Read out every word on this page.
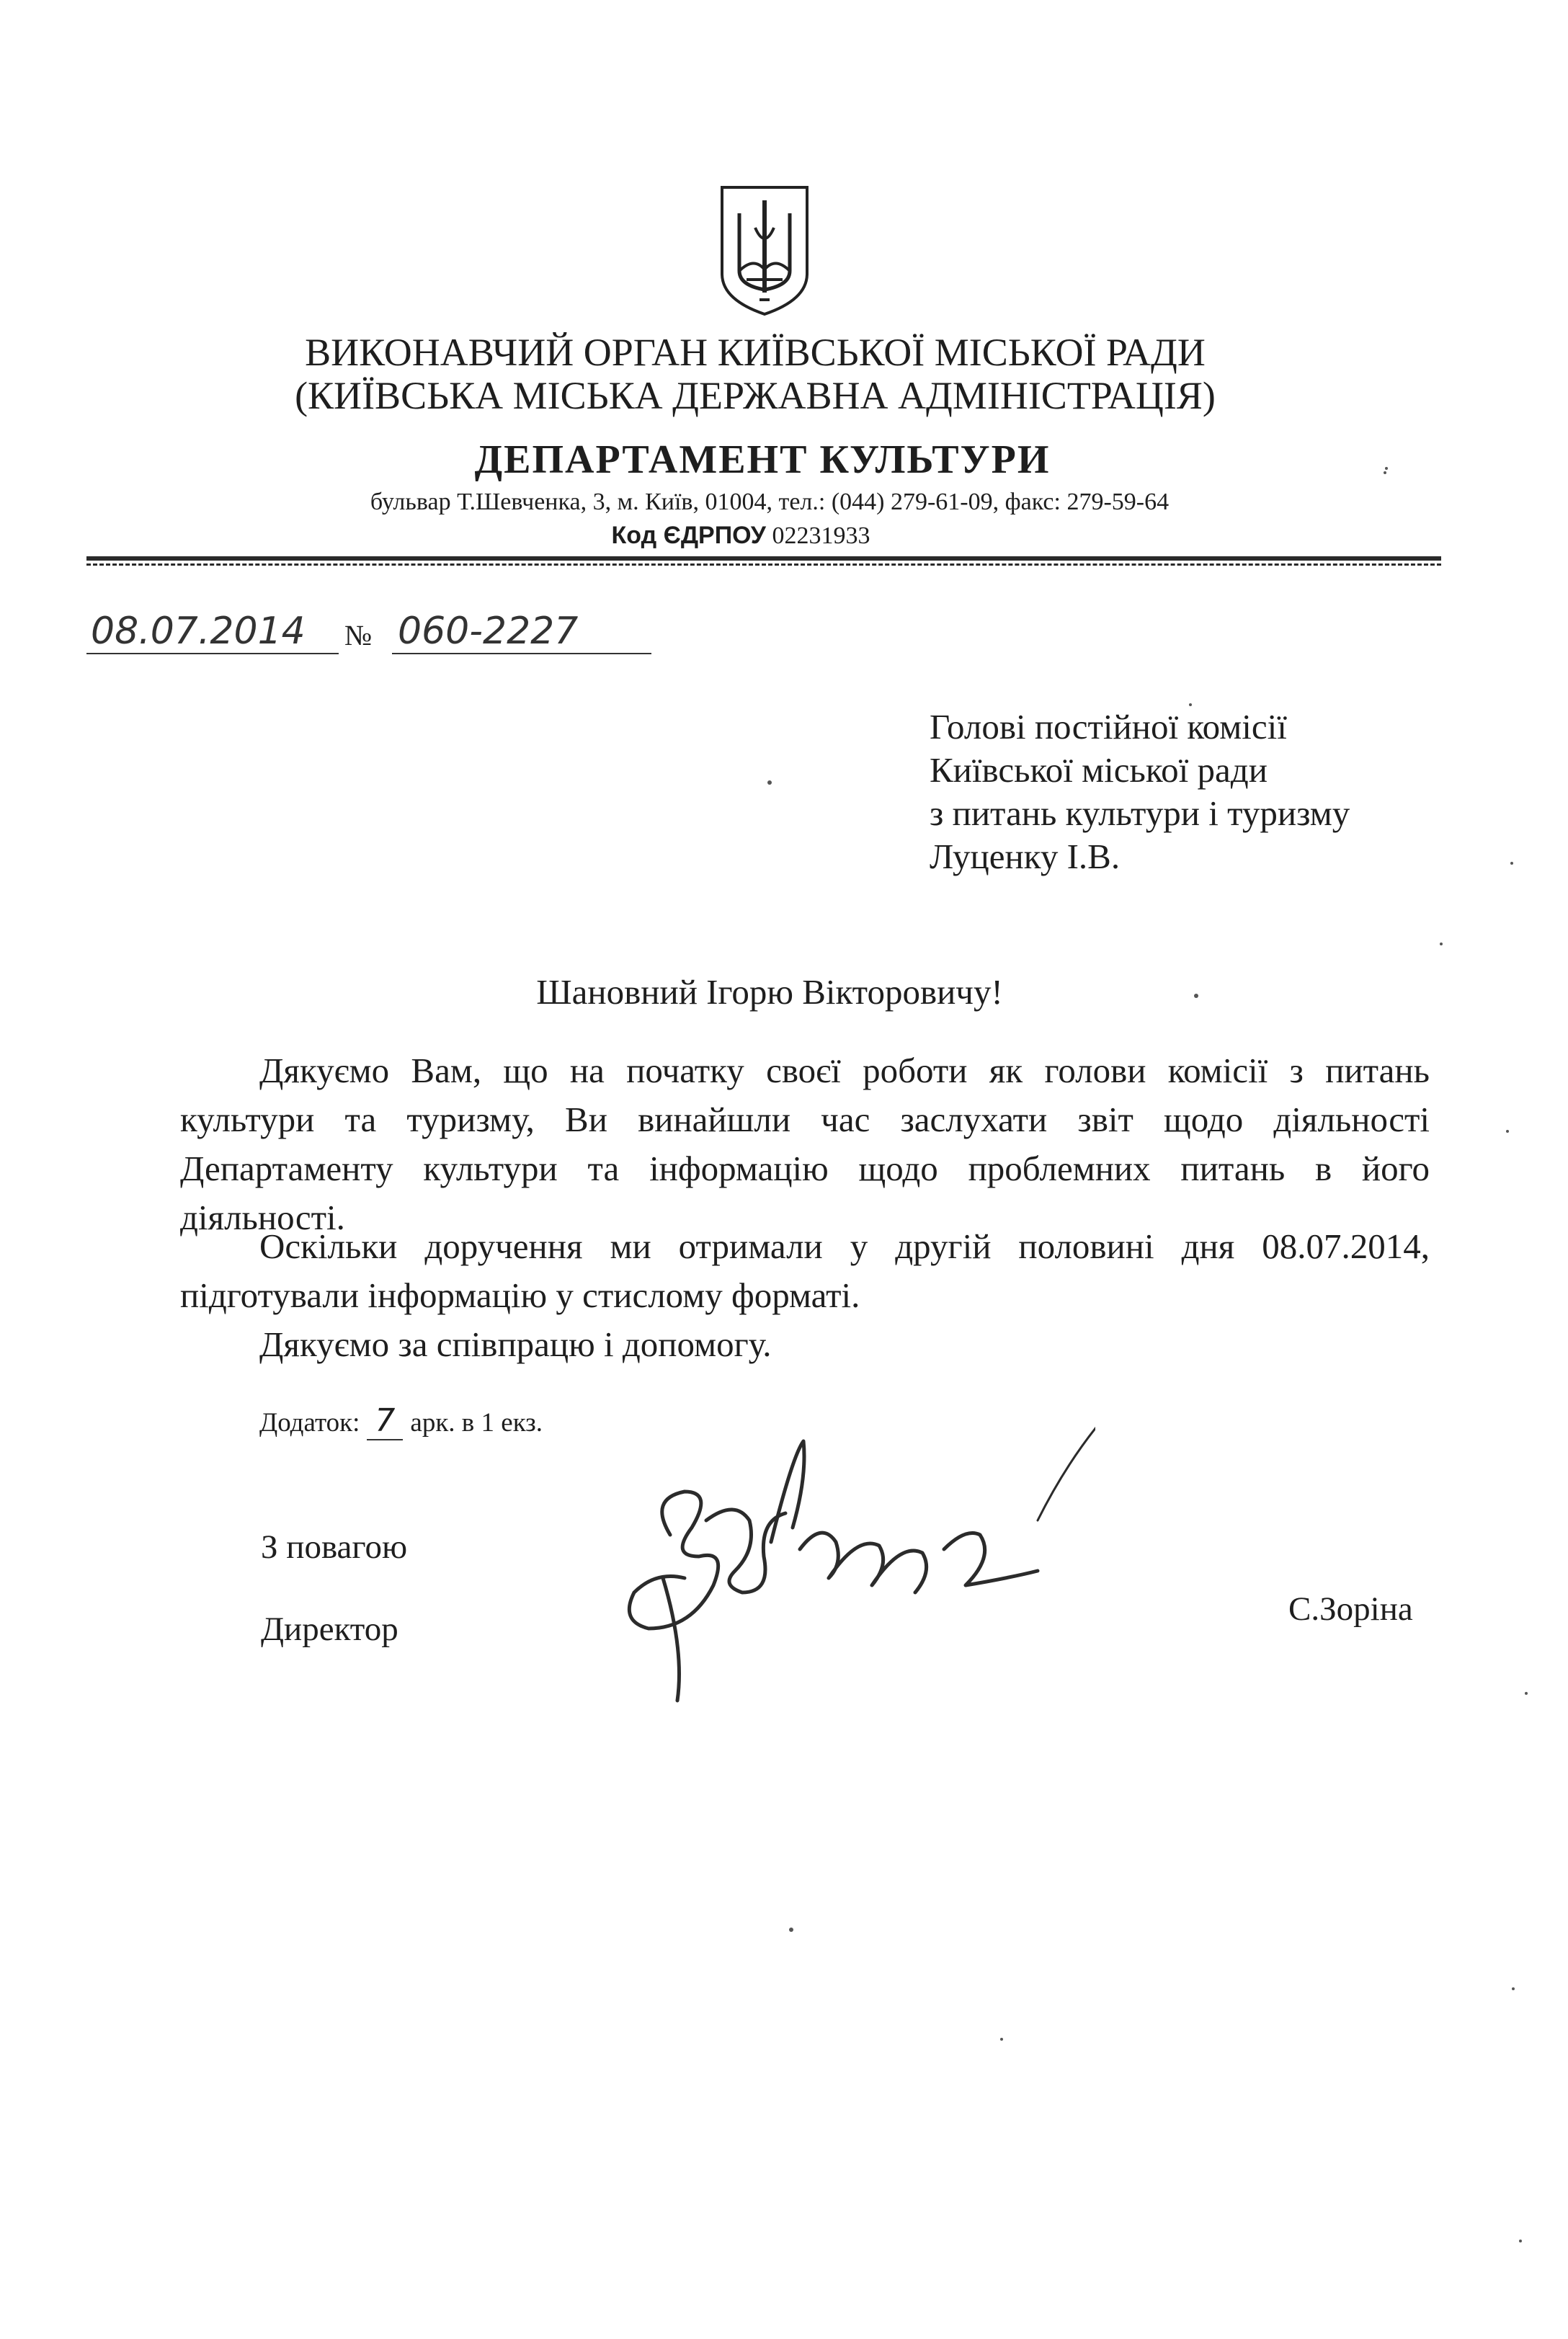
ВИКОНАВЧИЙ ОРГАН КИЇВСЬКОЇ МІСЬКОЇ РАДИ
(КИЇВСЬКА МІСЬКА ДЕРЖАВНА АДМІНІСТРАЦІЯ)
ДЕПАРТАМЕНТ КУЛЬТУРИ
бульвар Т.Шевченка, 3, м. Київ, 01004, тел.: (044) 279-61-09, факс: 279-59-64
Код ЄДРПОУ 02231933
08.07.2014 № 060-2227
Голові постійної комісії
Київської міської ради
з питань культури і туризму
Луценку І.В.
Шановний Ігорю Вікторовичу!
Дякуємо Вам, що на початку своєї роботи як голови комісії з питань культури та туризму, Ви винайшли час заслухати звіт щодо діяльності Департаменту культури та інформацію щодо проблемних питань в його діяльності.
Оскільки доручення ми отримали у другій половині дня 08.07.2014, підготували інформацію у стислому форматі.
Дякуємо за співпрацю і допомогу.
Додаток: 7 арк. в 1 екз.
З повагою
Директор
С.Зоріна
